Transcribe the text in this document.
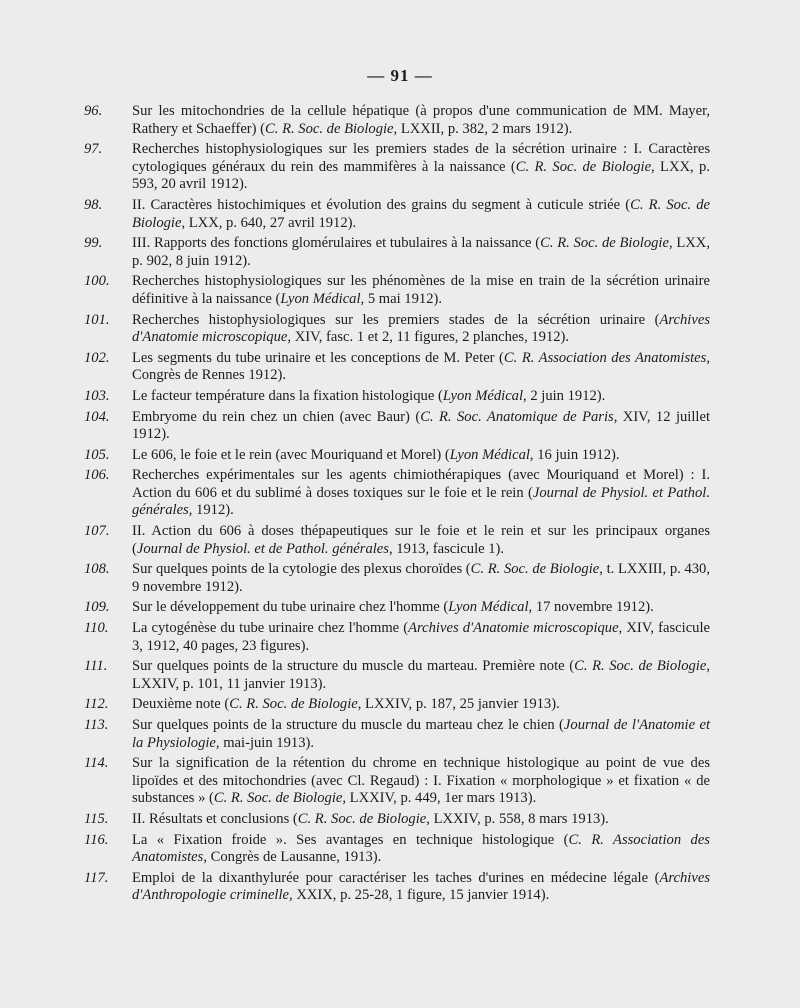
— 91 —
96. Sur les mitochondries de la cellule hépatique (à propos d'une communication de MM. Mayer, Rathery et Schaeffer) (C. R. Soc. de Biologie, LXXII, p. 382, 2 mars 1912).
97. Recherches histophysiologiques sur les premiers stades de la sécrétion urinaire : I. Caractères cytologiques généraux du rein des mammifères à la naissance (C. R. Soc. de Biologie, LXX, p. 593, 20 avril 1912).
98. II. Caractères histochimiques et évolution des grains du segment à cuticule striée (C. R. Soc. de Biologie, LXX, p. 640, 27 avril 1912).
99. III. Rapports des fonctions glomérulaires et tubulaires à la naissance (C. R. Soc. de Biologie, LXX, p. 902, 8 juin 1912).
100. Recherches histophysiologiques sur les phénomènes de la mise en train de la sécrétion urinaire définitive à la naissance (Lyon Médical, 5 mai 1912).
101. Recherches histophysiologiques sur les premiers stades de la sécrétion urinaire (Archives d'Anatomie microscopique, XIV, fasc. 1 et 2, 11 figures, 2 planches, 1912).
102. Les segments du tube urinaire et les conceptions de M. Peter (C. R. Association des Anatomistes, Congrès de Rennes 1912).
103. Le facteur température dans la fixation histologique (Lyon Médical, 2 juin 1912).
104. Embryome du rein chez un chien (avec Baur) (C. R. Soc. Anatomique de Paris, XIV, 12 juillet 1912).
105. Le 606, le foie et le rein (avec Mouriquand et Morel) (Lyon Médical, 16 juin 1912).
106. Recherches expérimentales sur les agents chimiothérapiques (avec Mouriquand et Morel) : I. Action du 606 et du sublimé à doses toxiques sur le foie et le rein (Journal de Physiol. et Pathol. générales, 1912).
107. II. Action du 606 à doses thépapeutiques sur le foie et le rein et sur les principaux organes (Journal de Physiol. et de Pathol. générales, 1913, fascicule 1).
108. Sur quelques points de la cytologie des plexus choroïdes (C. R. Soc. de Biologie, t. LXXIII, p. 430, 9 novembre 1912).
109. Sur le développement du tube urinaire chez l'homme (Lyon Médical, 17 novembre 1912).
110. La cytogénèse du tube urinaire chez l'homme (Archives d'Anatomie microscopique, XIV, fascicule 3, 1912, 40 pages, 23 figures).
111. Sur quelques points de la structure du muscle du marteau. Première note (C. R. Soc. de Biologie, LXXIV, p. 101, 11 janvier 1913).
112. Deuxième note (C. R. Soc. de Biologie, LXXIV, p. 187, 25 janvier 1913).
113. Sur quelques points de la structure du muscle du marteau chez le chien (Journal de l'Anatomie et la Physiologie, mai-juin 1913).
114. Sur la signification de la rétention du chrome en technique histologique au point de vue des lipoïdes et des mitochondries (avec Cl. Regaud) : I. Fixation « morphologique » et fixation « de substances » (C. R. Soc. de Biologie, LXXIV, p. 449, 1er mars 1913).
115. II. Résultats et conclusions (C. R. Soc. de Biologie, LXXIV, p. 558, 8 mars 1913).
116. La « Fixation froide ». Ses avantages en technique histologique (C. R. Association des Anatomistes, Congrès de Lausanne, 1913).
117. Emploi de la dixanthylurée pour caractériser les taches d'urines en médecine légale (Archives d'Anthropologie criminelle, XXIX, p. 25-28, 1 figure, 15 janvier 1914).
